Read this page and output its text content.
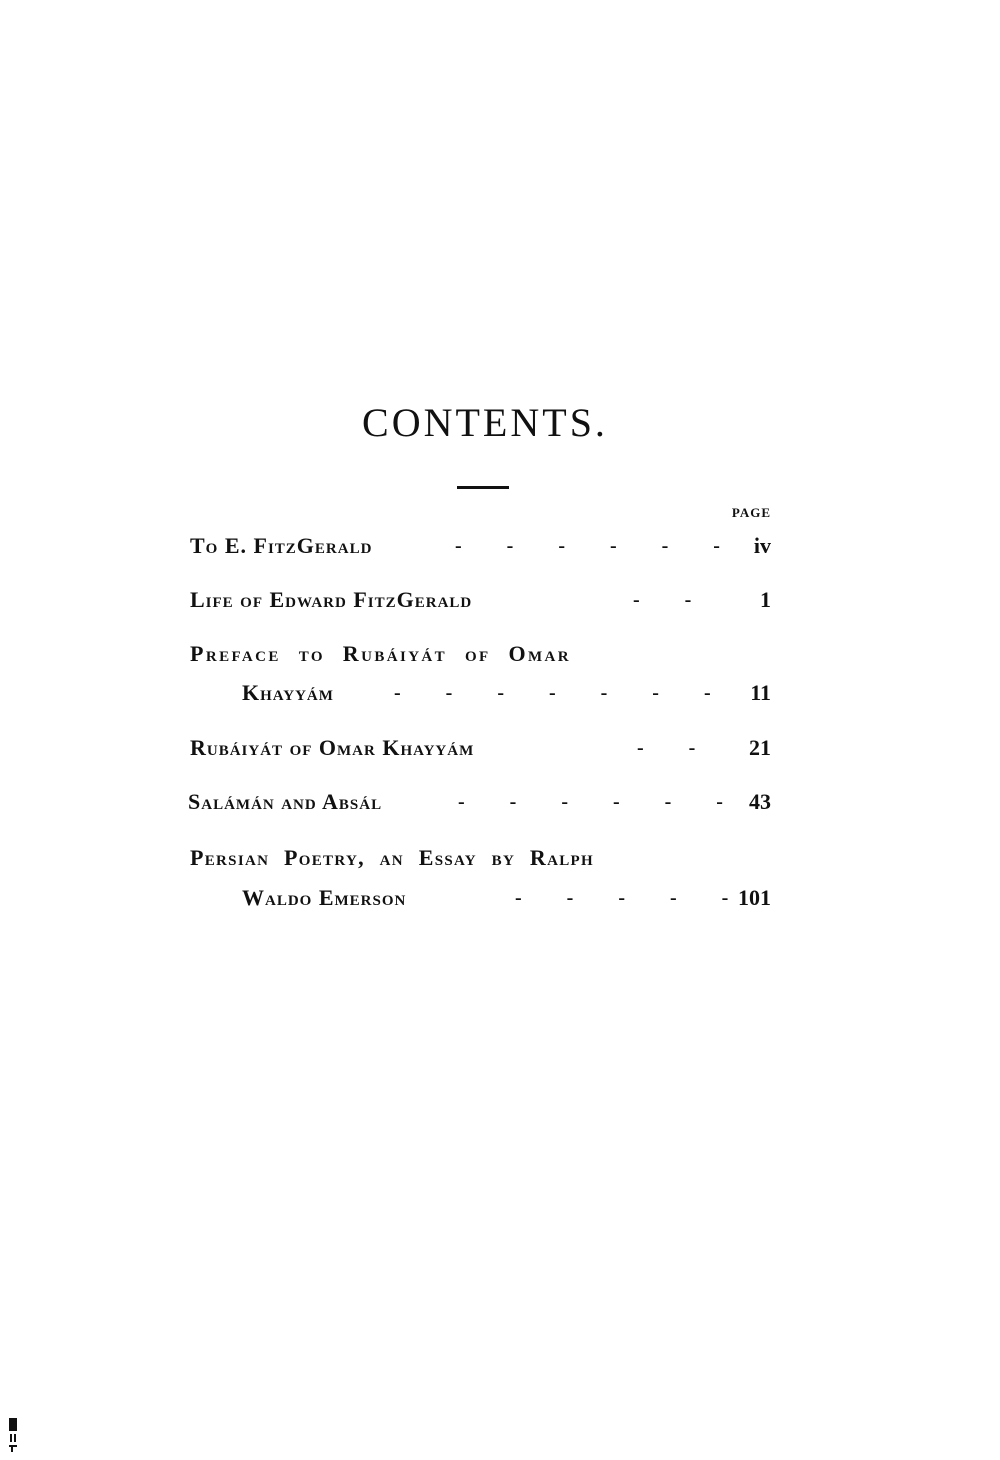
CONTENTS.
PAGE
To E. FitzGerald	- - - - - - iv
Life of Edward FitzGerald	- -	1
Preface to Rubáiyát of Omar
Khayyám	- - - - - - - 11
Rubáiyát of Omar Khayyám	- - 21
Salámán and Absál	- - - - - - 43
Persian Poetry, an Essay by Ralph
Waldo Emerson	- - - - - 101
